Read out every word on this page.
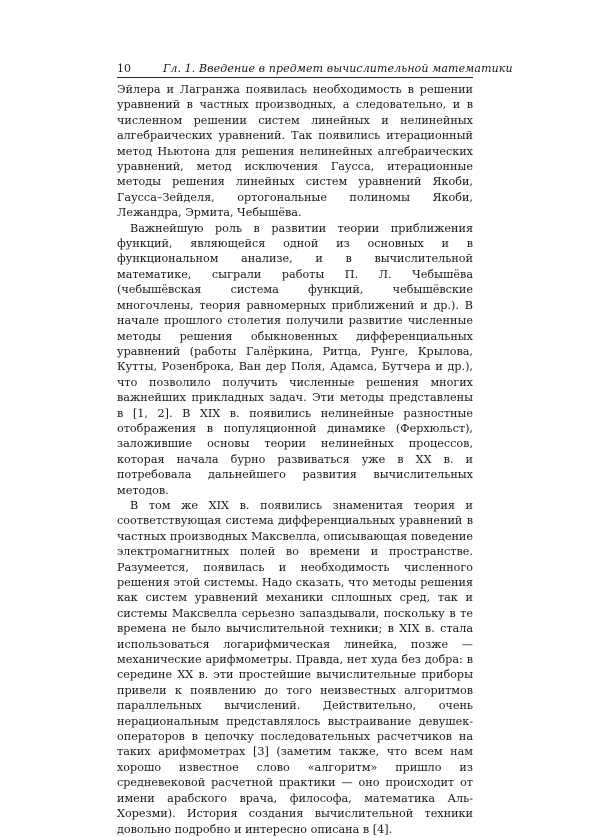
10	Гл. 1. Введение в предмет вычислительной математики

Эйлера и Лагранжа появилась необходимость в решении уравнений в частных производных, а следовательно, и в численном решении систем линейных и нелинейных алгебраических уравнений. Так появились итерационный метод Ньютона для решения нелинейных алгебраических уравнений, метод исключения Гаусса, итерационные методы решения линейных систем уравнений Якоби, Гаусса–Зейделя, ортогональные полиномы Якоби, Лежандра, Эрмита, Чебышёва.

Важнейшую роль в развитии теории приближения функций, являющейся одной из основных и в функциональном анализе, и в вычислительной математике, сыграли работы П. Л. Чебышёва (чебышёвская система функций, чебышёвские многочлены, теория равномерных приближений и др.). В начале прошлого столетия получили развитие численные методы решения обыкновенных дифференциальных уравнений (работы Галёркина, Ритца, Рунге, Крылова, Кутты, Розенброка, Ван дер Поля, Адамса, Бутчера и др.), что позволило получить численные решения многих важнейших прикладных задач. Эти методы представлены в [1, 2]. В XIX в. появились нелинейные разностные отображения в популяционной динамике (Ферхюльст), заложившие основы теории нелинейных процессов, которая начала бурно развиваться уже в XX в. и потребовала дальнейшего развития вычислительных методов.

В том же XIX в. появились знаменитая теория и соответствующая система дифференциальных уравнений в частных производных Максвелла, описывающая поведение электромагнитных полей во времени и пространстве. Разумеется, появилась и необходимость численного решения этой системы. Надо сказать, что методы решения как систем уравнений механики сплошных сред, так и системы Максвелла серьезно запаздывали, поскольку в те времена не было вычислительной техники; в XIX в. стала использоваться логарифмическая линейка, позже — механические арифмометры. Правда, нет худа без добра: в середине XX в. эти простейшие вычислительные приборы привели к появлению до того неизвестных алгоритмов параллельных вычислений. Действительно, очень нерациональным представлялось выстраивание девушек-операторов в цепочку последовательных расчетчиков на таких арифмометрах [3] (заметим также, что всем нам хорошо известное слово «алгоритм» пришло из средневековой расчетной практики — оно происходит от имени арабского врача, философа, математика Аль-Хорезми). История создания вычислительной техники довольно подробно и интересно описана в [4].
